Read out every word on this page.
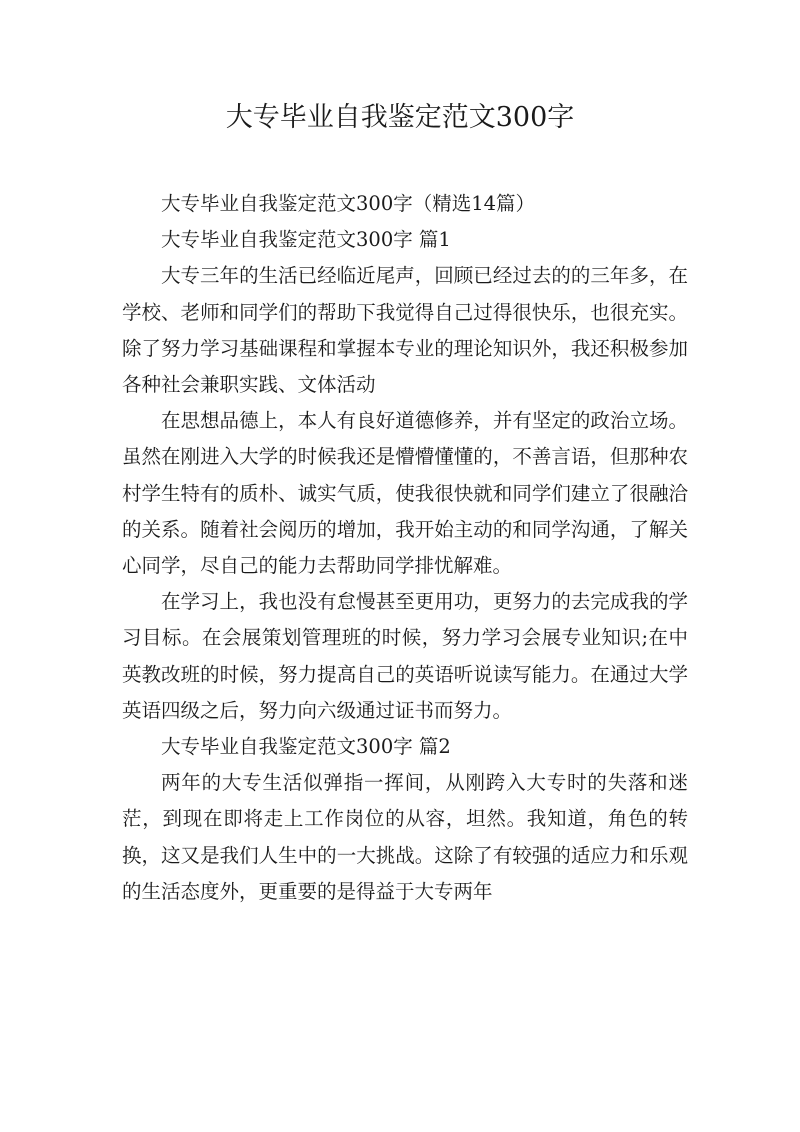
大专毕业自我鉴定范文300字

大专毕业自我鉴定范文300字（精选14篇）

大专毕业自我鉴定范文300字 篇1

大专三年的生活已经临近尾声，回顾已经过去的的三年多，在学校、老师和同学们的帮助下我觉得自己过得很快乐，也很充实。除了努力学习基础课程和掌握本专业的理论知识外，我还积极参加各种社会兼职实践、文体活动

在思想品德上，本人有良好道德修养，并有坚定的政治立场。虽然在刚进入大学的时候我还是懵懵懂懂的，不善言语，但那种农村学生特有的质朴、诚实气质，使我很快就和同学们建立了很融洽的关系。随着社会阅历的增加，我开始主动的和同学沟通，了解关心同学，尽自己的能力去帮助同学排忧解难。

在学习上，我也没有怠慢甚至更用功，更努力的去完成我的学习目标。在会展策划管理班的时候，努力学习会展专业知识;在中英教改班的时候，努力提高自己的英语听说读写能力。在通过大学英语四级之后，努力向六级通过证书而努力。

大专毕业自我鉴定范文300字 篇2

两年的大专生活似弹指一挥间，从刚跨入大专时的失落和迷茫，到现在即将走上工作岗位的从容，坦然。我知道，角色的转换，这又是我们人生中的一大挑战。这除了有较强的适应力和乐观的生活态度外，更重要的是得益于大专两年
